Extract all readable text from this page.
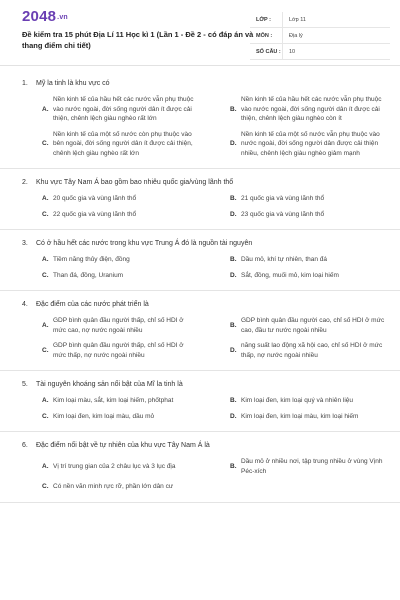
2048.vn
Đề kiểm tra 15 phút Địa Lí 11 Học kì 1 (Lần 1 - Đề 2 - có đáp án và thang điểm chi tiết)
LỚP :	Lớp 11
MÔN :	Địa lý
SỐ CÂU :	10
1.	Mỹ la tinh là khu vực có
A.
Nền kinh tế của hầu hết các nước vẫn phụ thuộc vào nước ngoài, đời sống người dân ít được cải thiện, chênh lệch giàu nghèo rất lớn
B.
Nền kinh tế của hầu hết các nước vẫn phụ thuộc vào nước ngoài, đời sống người dân ít được cải thiện, chênh lệch giàu nghèo còn ít
C.
Nền kinh tế của một số nước còn phụ thuộc vào bên ngoài, đời sống người dân ít được cải thiện, chênh lệch giàu nghèo rất lớn
D.
Nền kinh tế của một số nước vẫn phụ thuộc vào nước ngoài, đời sống người dân được cải thiện nhiều, chênh lệch giàu nghèo giảm mạnh
2.	Khu vực Tây Nam Á bao gồm bao nhiêu quốc gia/vùng lãnh thổ
A. 20 quốc gia và vùng lãnh thổ	B. 21 quốc gia và vùng lãnh thổ
C. 22 quốc gia và vùng lãnh thổ	D. 23 quốc gia và vùng lãnh thổ
3.	Có ở hầu hết các nước trong khu vực Trung Á đó là nguồn tài nguyên
A. Tiềm năng thủy điện, đồng	B. Dầu mỏ, khí tự nhiên, than đá
C. Than đá, đồng, Uranium	D. Sắt, đồng, muối mỏ, kim loại hiếm
4.	Đặc điểm của các nước phát triển là
A.
GDP bình quân đầu người thấp, chỉ số HDI ở mức cao, nợ nước ngoài nhiều
B.
GDP bình quân đầu người cao, chỉ số HDI ở mức cao, đầu tư nước ngoài nhiều
C.
GDP bình quân đầu người thấp, chỉ số HDI ở mức thấp, nợ nước ngoài nhiều
D.
năng suất lao động xã hội cao, chỉ số HDI ở mức thấp, nợ nước ngoài nhiều
5.	Tài nguyên khoáng sản nổi bật của Mĩ la tinh là
A. Kim loại màu, sắt, kim loại hiếm, phốtphat	B. Kim loại đen, kim loại quý và nhiên liệu
C. Kim loại đen, kim loại màu, dầu mỏ	D. Kim loại đen, kim loại màu, kim loại hiếm
6.	Đặc điểm nổi bật về tự nhiên của khu vực Tây Nam Á là
A. Vị trí trung gian của 2 châu lục và 3 lục địa	B.
Dầu mỏ ở nhiều nơi, tập trung nhiều ở vùng Vịnh Péc-xích
C. Có nền văn minh rực rỡ, phần lớn dân cư
